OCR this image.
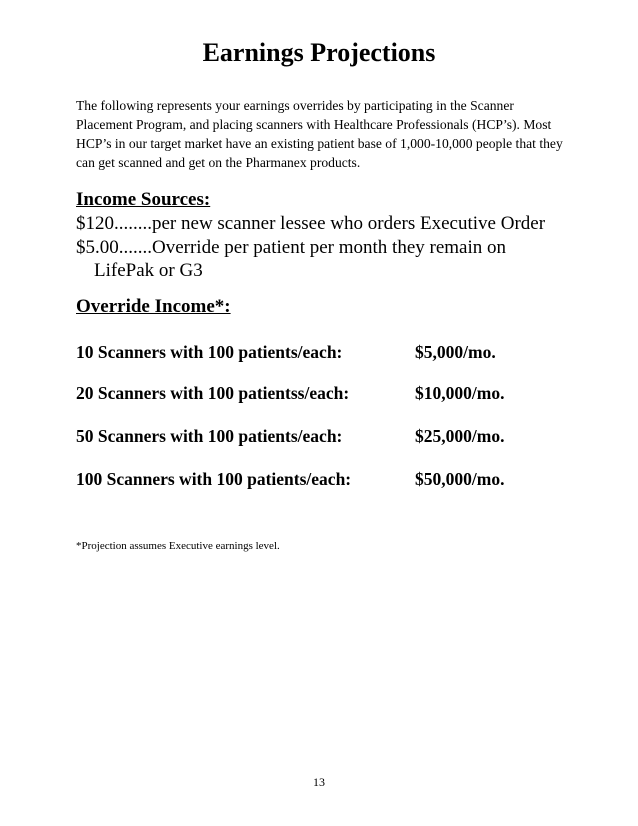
Earnings Projections
The following represents your earnings overrides by participating in the Scanner
Placement Program, and placing scanners with Healthcare Professionals (HCP’s). Most
HCP’s in our target market have an existing patient base of 1,000-10,000 people that they
can get scanned and get on the Pharmanex products.
Income Sources:
$120........per new scanner lessee who orders Executive Order
$5.00.......Override per patient per month they remain on
LifePak or G3
Override Income*:
10 Scanners with 100 patients/each:	$5,000/mo.
20 Scanners with 100 patientss/each:	$10,000/mo.
50 Scanners with 100 patients/each:	$25,000/mo.
100 Scanners with 100 patients/each:	$50,000/mo.
*Projection assumes Executive earnings level.
13
